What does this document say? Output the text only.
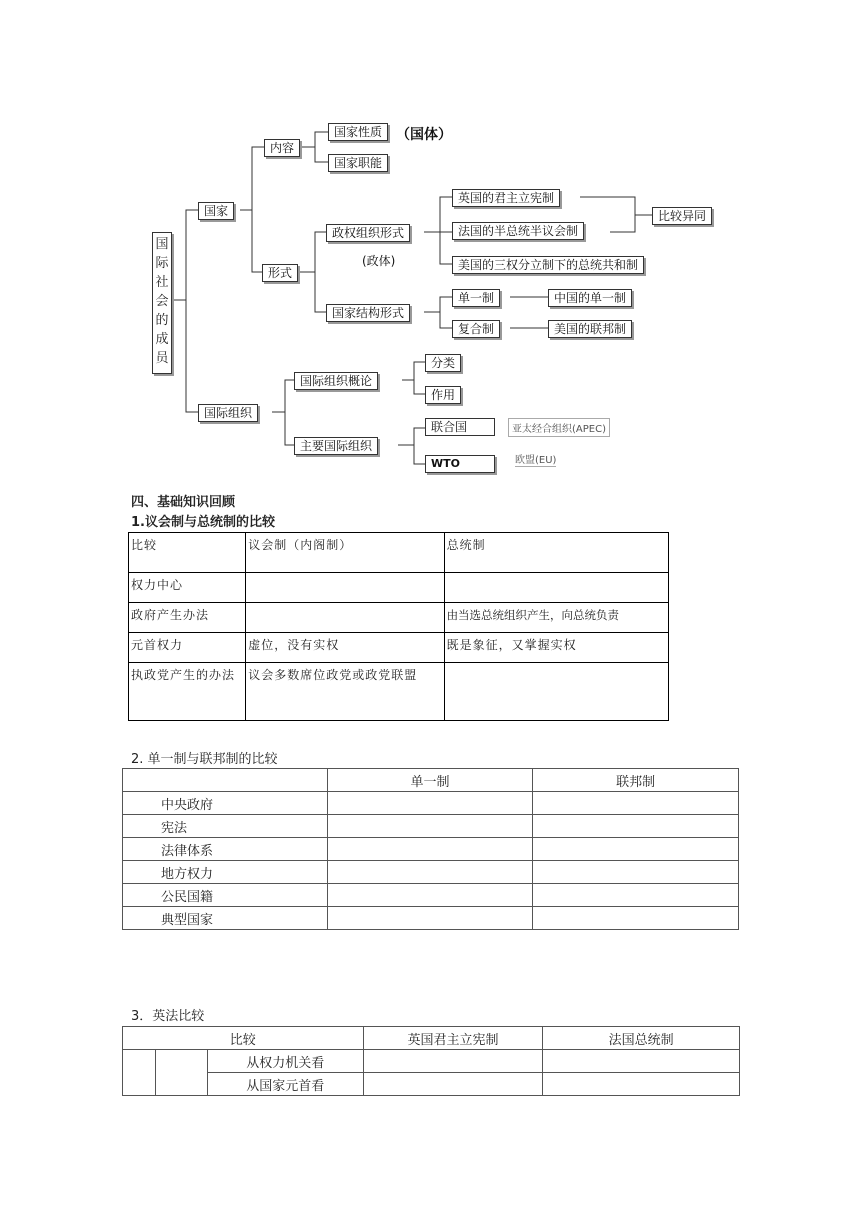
国
际
社
会
的
成
员
国家
内容
国家性质 （国体）
国家职能
形式
政权组织形式
(政体)
英国的君主立宪制
法国的半总统半议会制
美国的三权分立制下的总统共和制
比较异同
国家结构形式
单一制	中国的单一制
复合制	美国的联邦制
国际组织
国际组织概论
分类
作用
主要国际组织
联合国	亚太经合组织(APEC)
WTO	欧盟(EU)
四、基础知识回顾
1.议会制与总统制的比较
比较	议会制（内阁制）	总统制
权力中心		
政府产生办法		由当选总统组织产生，向总统负责
元首权力	虚位，没有实权	既是象征，又掌握实权
执政党产生的办法	议会多数席位政党或政党联盟	
2. 单一制与联邦制的比较
	单一制	联邦制
中央政府		
宪法		
法律体系		
地方权力		
公民国籍		
典型国家		
3．英法比较
比较			英国君主立宪制	法国总统制
		从权力机关看		
		从国家元首看		
